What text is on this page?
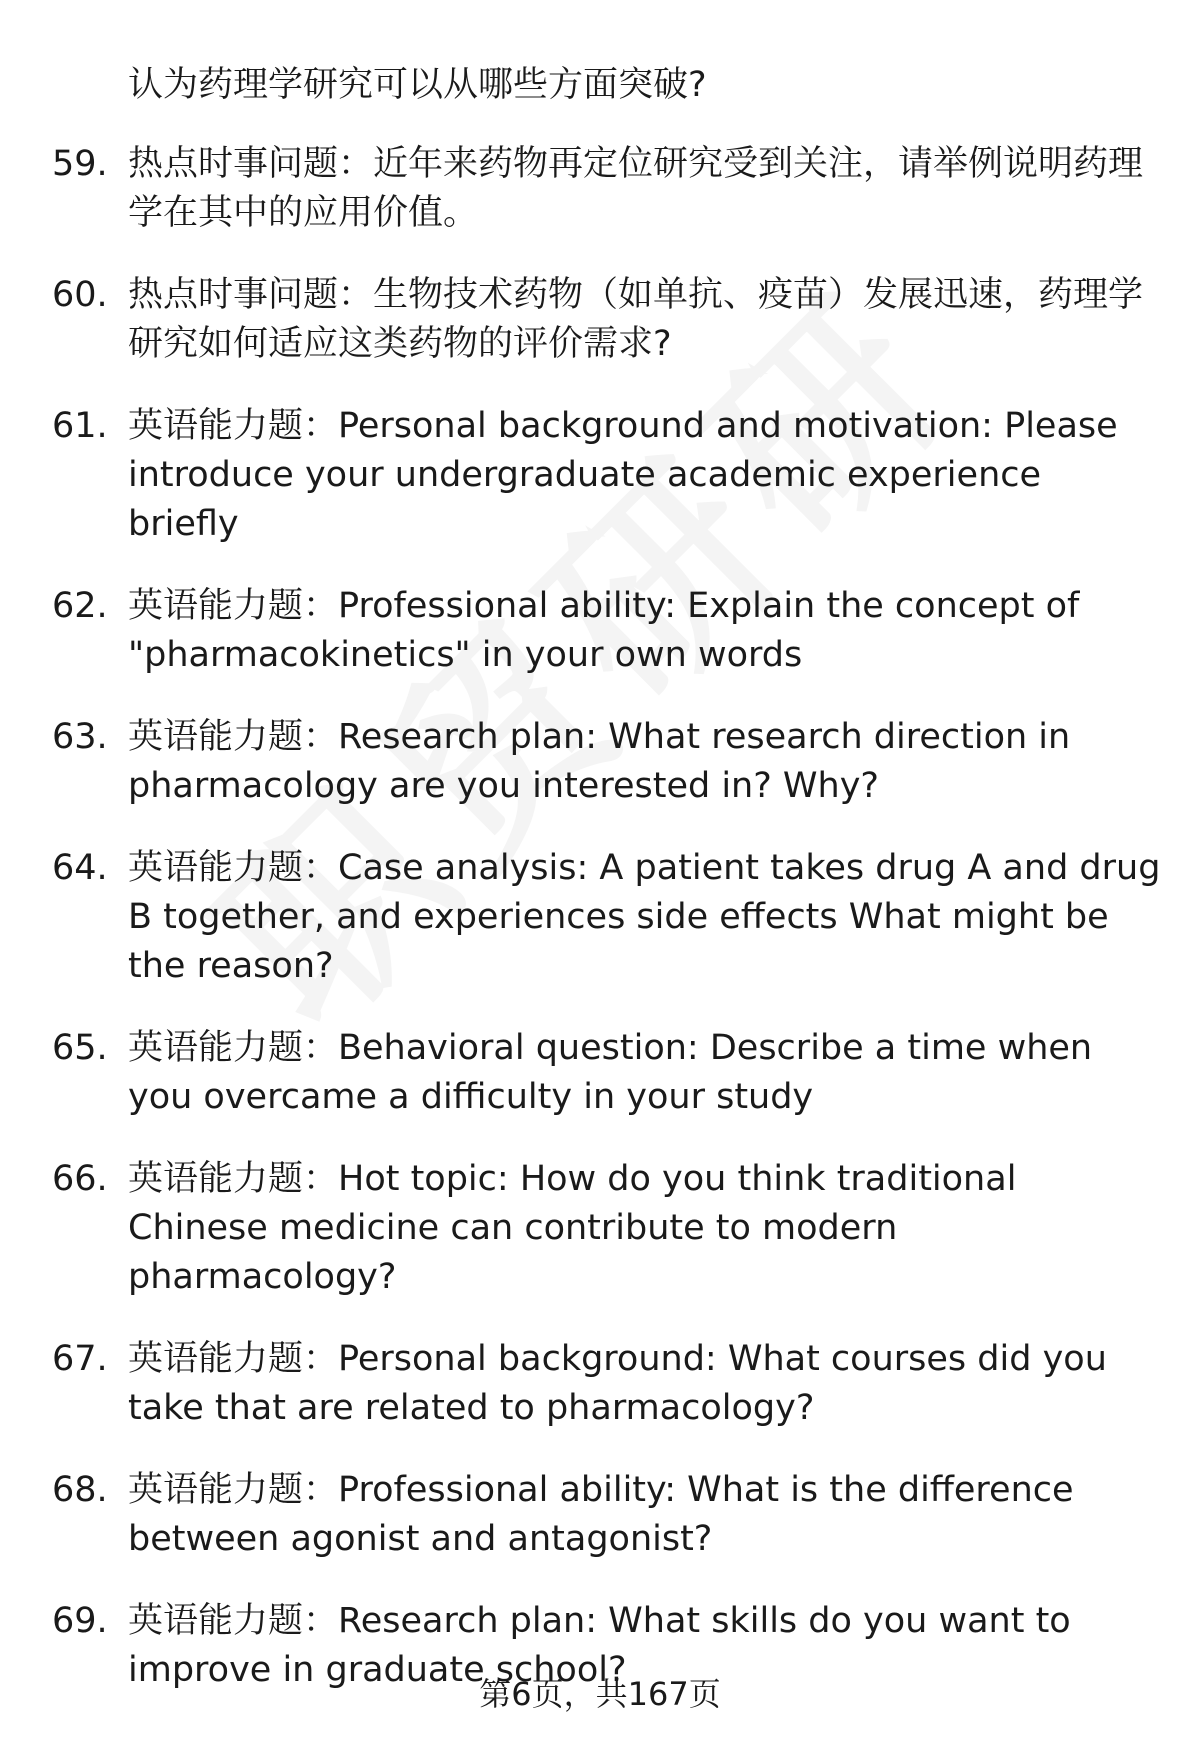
认为药理学研究可以从哪些方面突破?
59. 热点时事问题：近年来药物再定位研究受到关注，请举例说明药理学在其中的应用价值。
60. 热点时事问题：生物技术药物（如单抗、疫苗）发展迅速，药理学研究如何适应这类药物的评价需求?
61. 英语能力题：Personal background and motivation: Please introduce your undergraduate academic experience briefly
62. 英语能力题：Professional ability: Explain the concept of "pharmacokinetics" in your own words
63. 英语能力题：Research plan: What research direction in pharmacology are you interested in? Why?
64. 英语能力题：Case analysis: A patient takes drug A and drug B together, and experiences side effects What might be the reason?
65. 英语能力题：Behavioral question: Describe a time when you overcame a difficulty in your study
66. 英语能力题：Hot topic: How do you think traditional Chinese medicine can contribute to modern pharmacology?
67. 英语能力题：Personal background: What courses did you take that are related to pharmacology?
68. 英语能力题：Professional ability: What is the difference between agonist and antagonist?
69. 英语能力题：Research plan: What skills do you want to improve in graduate school?
第6页，共167页
